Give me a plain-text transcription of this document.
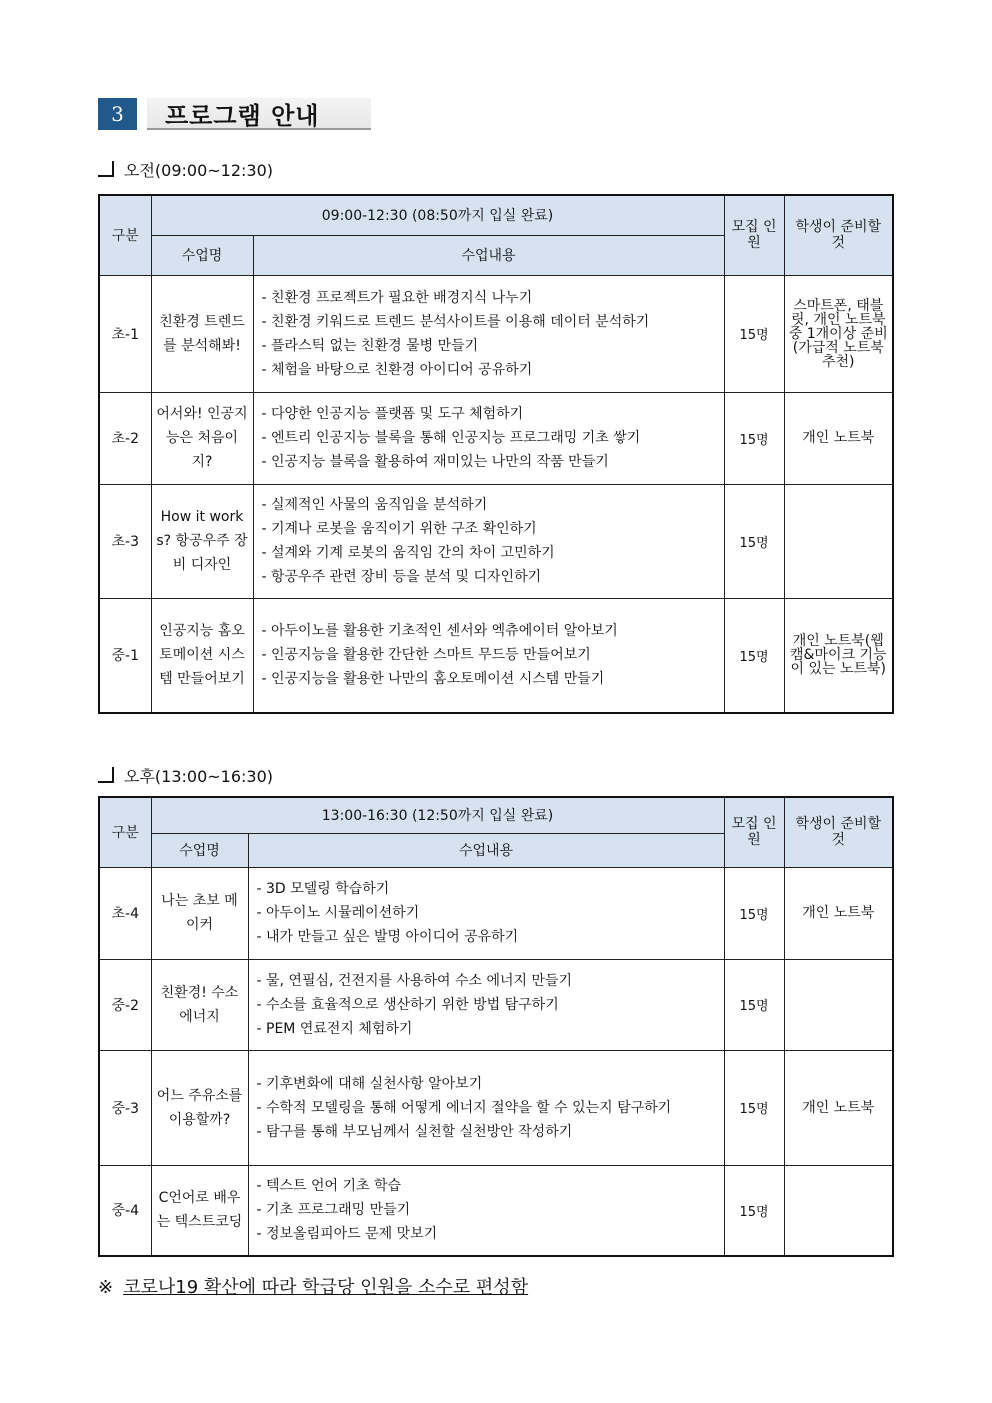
3	프로그램 안내
오전(09:00~12:30)
구분	09:00-12:30 (08:50까지 입실 완료)		모집 인원	학생이 준비할 것
	수업명	수업내용		
초-1	친환경 트렌드를 분석해봐!	- 친환경 프로젝트가 필요한 배경지식 나누기
- 친환경 키워드로 트렌드 분석사이트를 이용해 데이터 분석하기
- 플라스틱 없는 친환경 물병 만들기
- 체험을 바탕으로 친환경 아이디어 공유하기	15명	스마트폰, 태블릿, 개인 노트북 중 1개이상 준비(가급적 노트북 추천)
초-2	어서와! 인공지능은 처음이지?	- 다양한 인공지능 플랫폼 및 도구 체험하기
- 엔트리 인공지능 블록을 통해 인공지능 프로그래밍 기초 쌓기
- 인공지능 블록을 활용하여 재미있는 나만의 작품 만들기	15명	개인 노트북
초-3	How it works? 항공우주 장비 디자인	- 실제적인 사물의 움직임을 분석하기
- 기계나 로봇을 움직이기 위한 구조 확인하기
- 설계와 기계 로봇의 움직임 간의 차이 고민하기
- 항공우주 관련 장비 등을 분석 및 디자인하기	15명	
중-1	인공지능 홈오토메이션 시스템 만들어보기	- 아두이노를 활용한 기초적인 센서와 엑츄에이터 알아보기
- 인공지능을 활용한 간단한 스마트 무드등 만들어보기
- 인공지능을 활용한 나만의 홈오토메이션 시스템 만들기	15명	개인 노트북(웹캠&마이크 기능이 있는 노트북)
오후(13:00~16:30)
구분	13:00-16:30 (12:50까지 입실 완료)		모집 인원	학생이 준비할 것
	수업명	수업내용		
초-4	나는 초보 메이커	- 3D 모델링 학습하기
- 아두이노 시뮬레이션하기
- 내가 만들고 싶은 발명 아이디어 공유하기	15명	개인 노트북
중-2	친환경! 수소 에너지	- 물, 연필심, 건전지를 사용하여 수소 에너지 만들기
- 수소를 효율적으로 생산하기 위한 방법 탐구하기
- PEM 연료전지 체험하기	15명	
중-3	어느 주유소를 이용할까?	- 기후변화에 대해 실천사항 알아보기
- 수학적 모델링을 통해 어떻게 에너지 절약을 할 수 있는지 탐구하기
- 탐구를 통해 부모님께서 실천할 실천방안 작성하기	15명	개인 노트북
중-4	C언어로 배우는 텍스트코딩	- 텍스트 언어 기초 학습
- 기초 프로그래밍 만들기
- 정보올림피아드 문제 맛보기	15명	
※ 코로나19 확산에 따라 학급당 인원을 소수로 편성함
